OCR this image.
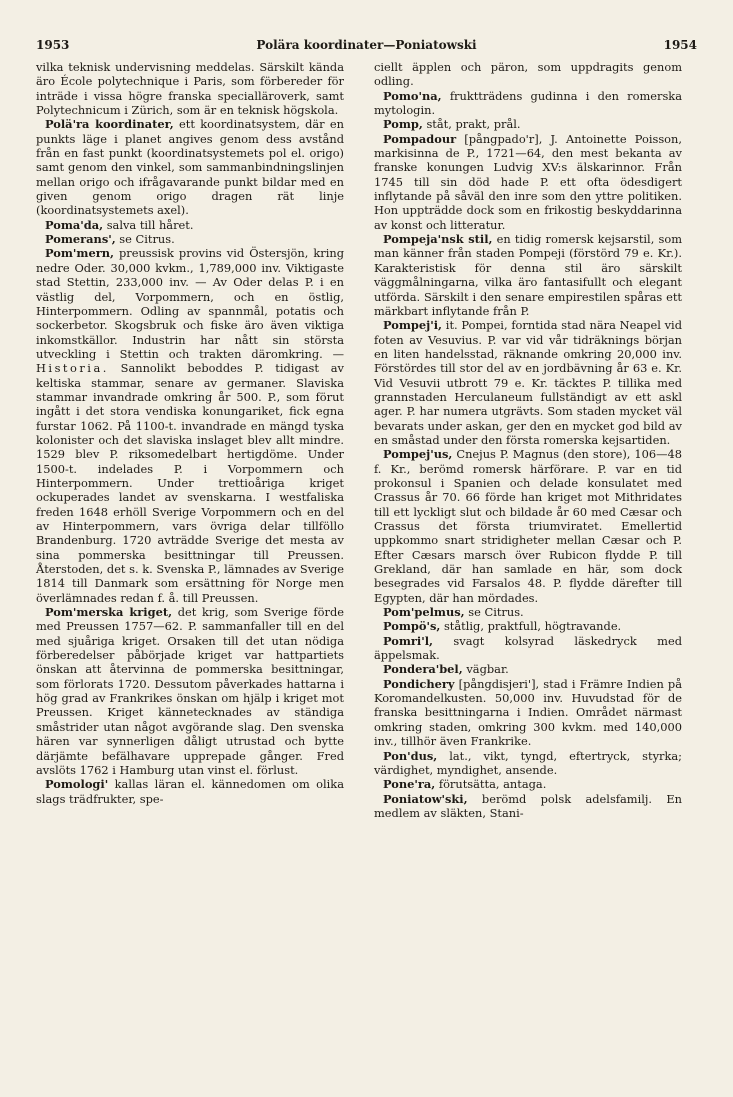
1953	Polära koordinater—Poniatowski	1954

vilka teknisk undervisning meddelas. Särskilt kända äro École polytechnique i Paris, som förbereder för inträde i vissa högre franska specialläroverk, samt Polytechnicum i Zürich, som är en teknisk högskola.

Polä'ra koordinater, ett koordinatsystem, där en punkts läge i planet angives genom dess avstånd från en fast punkt (koordinatsystemets pol el. origo) samt genom den vinkel, som sammanbindningslinjen mellan origo och ifrågavarande punkt bildar med en given genom origo dragen rät linje (koordinatsystemets axel).

Poma'da, salva till håret.

Pomerans', se Citrus.

Pom'mern, preussisk provins vid Östersjön, kring nedre Oder. 30,000 kvkm., 1,789,000 inv. Viktigaste stad Stettin, 233,000 inv. — Av Oder delas P. i en västlig del, Vorpommern, och en östlig, Hinterpommern. Odling av spannmål, potatis och sockerbetor. Skogsbruk och fiske äro även viktiga inkomstkällor. Industrin har nått sin största utveckling i Stettin och trakten däromkring. — Historia. Sannolikt beboddes P. tidigast av keltiska stammar, senare av germaner. Slaviska stammar invandrade omkring år 500. P., som förut ingått i det stora vendiska konungariket, fick egna furstar 1062. På 1100-t. invandrade en mängd tyska kolonister och det slaviska inslaget blev allt mindre. 1529 blev P. riksomedelbart hertigdöme. Under 1500-t. indelades P. i Vorpommern och Hinterpommern. Under trettioåriga kriget ockuperades landet av svenskarna. I westfaliska freden 1648 erhöll Sverige Vorpommern och en del av Hinterpommern, vars övriga delar tillföllo Brandenburg. 1720 avträdde Sverige det mesta av sina pommerska besittningar till Preussen. Återstoden, det s. k. Svenska P., lämnades av Sverige 1814 till Danmark som ersättning för Norge men överlämnades redan f. å. till Preussen.

Pom'merska kriget, det krig, som Sverige förde med Preussen 1757—62. P. sammanfaller till en del med sjuåriga kriget. Orsaken till det utan nödiga förberedelser påbörjade kriget var hattpartiets önskan att återvinna de pommerska besittningar, som förlorats 1720. Dessutom påverkades hattarna i hög grad av Frankrikes önskan om hjälp i kriget mot Preussen. Kriget kännetecknades av ständiga småstrider utan något avgörande slag. Den svenska hären var synnerligen dåligt utrustad och bytte därjämte befälhavare upprepade gånger. Fred avslöts 1762 i Hamburg utan vinst el. förlust.

Pomologi' kallas läran el. kännedomen om olika slags trädfrukter, spe-

ciellt äpplen och päron, som uppdragits genom odling.

Pomo'na, fruktträdens gudinna i den romerska mytologin.

Pomp, ståt, prakt, prål.

Pompadour [pångpado'r], J. Antoinette Poisson, markisinna de P., 1721—64, den mest bekanta av franske konungen Ludvig XV:s älskarinnor. Från 1745 till sin död hade P. ett ofta ödesdigert inflytande på såväl den inre som den yttre politiken. Hon uppträdde dock som en frikostig beskyddarinna av konst och litteratur.

Pompeja'nsk stil, en tidig romersk kejsarstil, som man känner från staden Pompeji (förstörd 79 e. Kr.). Karakteristisk för denna stil äro särskilt väggmålningarna, vilka äro fantasifullt och elegant utförda. Särskilt i den senare empirestilen spåras ett märkbart inflytande från P.

Pompej'i, it. Pompei, forntida stad nära Neapel vid foten av Vesuvius. P. var vid vår tidräknings början en liten handelsstad, räknande omkring 20,000 inv. Förstördes till stor del av en jordbävning år 63 e. Kr. Vid Vesuvii utbrott 79 e. Kr. täcktes P. tillika med grannstaden Herculaneum fullständigt av ett askl ager. P. har numera utgrävts. Som staden mycket väl bevarats under askan, ger den en mycket god bild av en småstad under den första romerska kejsartiden.

Pompej'us, Cnejus P. Magnus (den store), 106—48 f. Kr., berömd romersk härförare. P. var en tid prokonsul i Spanien och delade konsulatet med Crassus år 70. 66 förde han kriget mot Mithridates till ett lyckligt slut och bildade år 60 med Cæsar och Crassus det första triumviratet. Emellertid uppkommo snart stridigheter mellan Cæsar och P. Efter Cæsars marsch över Rubicon flydde P. till Grekland, där han samlade en här, som dock besegrades vid Farsalos 48. P. flydde därefter till Egypten, där han mördades.

Pom'pelmus, se Citrus.

Pompö's, ståtlig, praktfull, högtravande.

Pomri'l, svagt kolsyrad läskedryck med äppelsmak.

Pondera'bel, vägbar.

Pondichery [pångdisjeri'], stad i Främre Indien på Koromandelkusten. 50,000 inv. Huvudstad för de franska besittningarna i Indien. Området närmast omkring staden, omkring 300 kvkm. med 140,000 inv., tillhör även Frankrike.

Pon'dus, lat., vikt, tyngd, eftertryck, styrka; värdighet, myndighet, ansende.

Pone'ra, förutsätta, antaga.

Poniatow'ski, berömd polsk adelsfamilj. En medlem av släkten, Stani-
